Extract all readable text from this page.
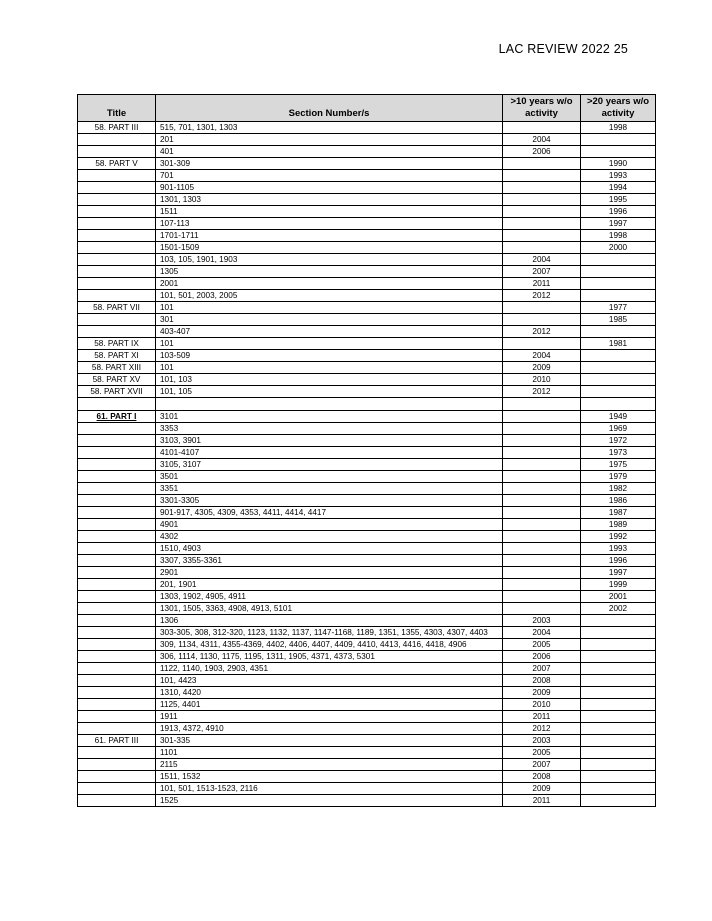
LAC REVIEW 2022 25
Title	Section Number/s	>10 years w/o activity	>20 years w/o activity
58. PART III	515, 701, 1301, 1303		1998
	201	2004	
	401	2006	
58. PART V	301-309		1990
	701		1993
	901-1105		1994
	1301, 1303		1995
	1511		1996
	107-113		1997
	1701-1711		1998
	1501-1509		2000
	103, 105, 1901, 1903	2004	
	1305	2007	
	2001	2011	
	101, 501, 2003, 2005	2012	
58. PART VII	101		1977
	301		1985
	403-407	2012	
58. PART IX	101		1981
58. PART XI	103-509	2004	
58. PART XIII	101	2009	
58. PART XV	101, 103	2010	
58. PART XVII	101, 105	2012	

61. PART I	3101		1949
	3353		1969
	3103, 3901		1972
	4101-4107		1973
	3105, 3107		1975
	3501		1979
	3351		1982
	3301-3305		1986
	901-917, 4305, 4309, 4353, 4411, 4414, 4417		1987
	4901		1989
	4302		1992
	1510, 4903		1993
	3307, 3355-3361		1996
	2901		1997
	201, 1901		1999
	1303, 1902, 4905, 4911		2001
	1301, 1505, 3363, 4908, 4913, 5101		2002
	1306	2003	
	303-305, 308, 312-320, 1123, 1132, 1137, 1147-1168, 1189, 1351, 1355, 4303, 4307, 4403	2004	
	309, 1134, 4311, 4355-4369, 4402, 4406, 4407, 4409, 4410, 4413, 4416, 4418, 4906	2005	
	306, 1114, 1130, 1175, 1195, 1311, 1905, 4371, 4373, 5301	2006	
	1122, 1140, 1903, 2903, 4351	2007	
	101, 4423	2008	
	1310, 4420	2009	
	1125, 4401	2010	
	1911	2011	
	1913, 4372, 4910	2012	
61. PART III	301-335	2003	
	1101	2005	
	2115	2007	
	1511, 1532	2008	
	101, 501, 1513-1523, 2116	2009	
	1525	2011	
